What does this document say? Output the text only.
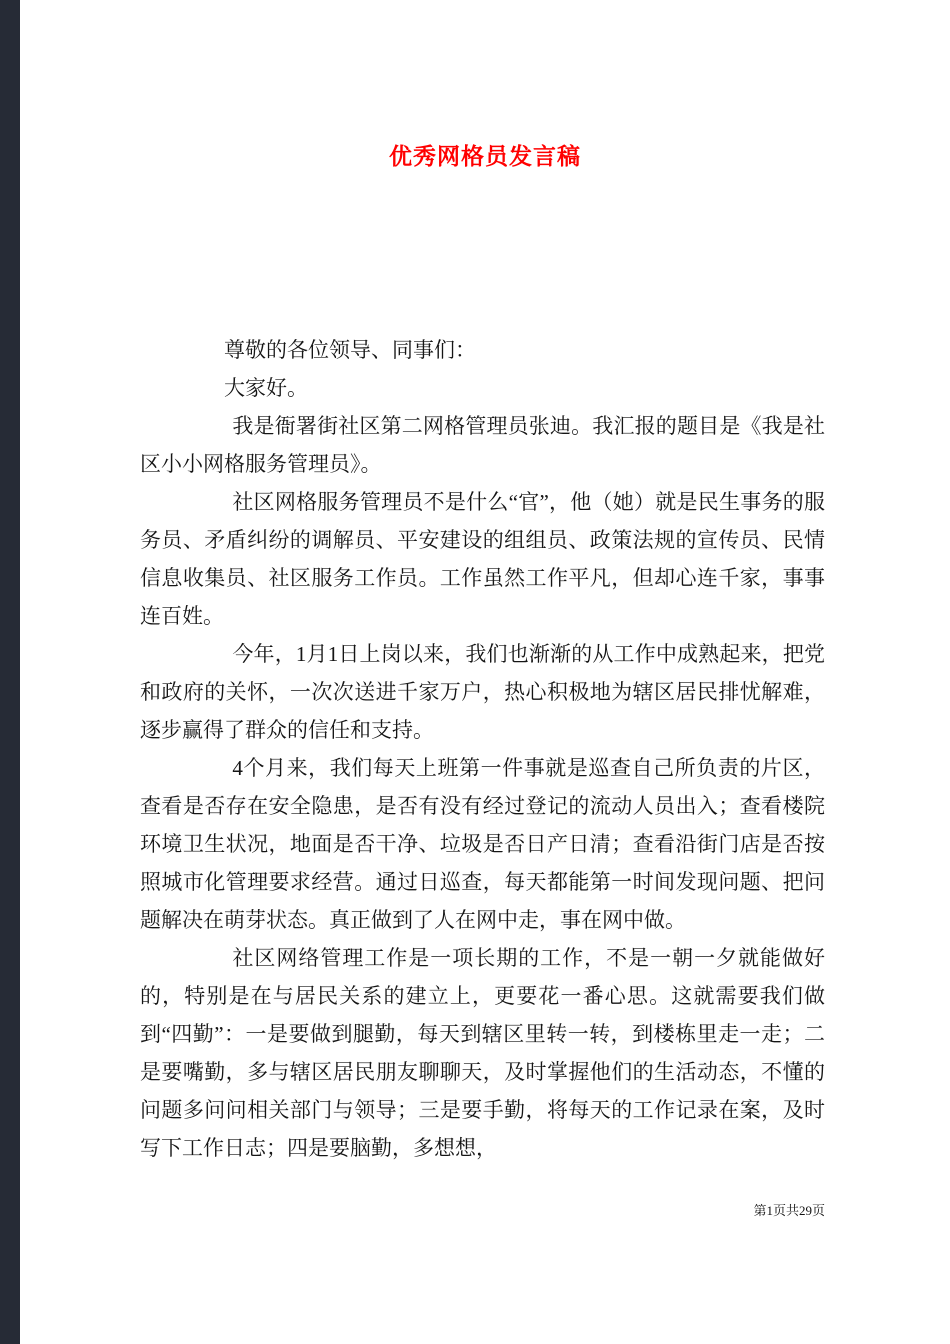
优秀网格员发言稿

尊敬的各位领导、同事们：

大家好。

我是衙署街社区第二网格管理员张迪。我汇报的题目是《我是社区小小网格服务管理员》。

社区网格服务管理员不是什么“官”，他（她）就是民生事务的服务员、矛盾纠纷的调解员、平安建设的组组员、政策法规的宣传员、民情信息收集员、社区服务工作员。工作虽然工作平凡，但却心连千家，事事连百姓。

今年，1月1日上岗以来，我们也渐渐的从工作中成熟起来，把党和政府的关怀，一次次送进千家万户，热心积极地为辖区居民排忧解难，逐步赢得了群众的信任和支持。

4个月来，我们每天上班第一件事就是巡查自己所负责的片区，查看是否存在安全隐患，是否有没有经过登记的流动人员出入；查看楼院环境卫生状况，地面是否干净、垃圾是否日产日清；查看沿街门店是否按照城市化管理要求经营。通过日巡查，每天都能第一时间发现问题、把问题解决在萌芽状态。真正做到了人在网中走，事在网中做。

社区网络管理工作是一项长期的工作，不是一朝一夕就能做好的，特别是在与居民关系的建立上，更要花一番心思。这就需要我们做到“四勤”：一是要做到腿勤，每天到辖区里转一转，到楼栋里走一走；二是要嘴勤，多与辖区居民朋友聊聊天，及时掌握他们的生活动态，不懂的问题多问问相关部门与领导；三是要手勤，将每天的工作记录在案，及时写下工作日志；四是要脑勤，多想想，

第1页共29页
